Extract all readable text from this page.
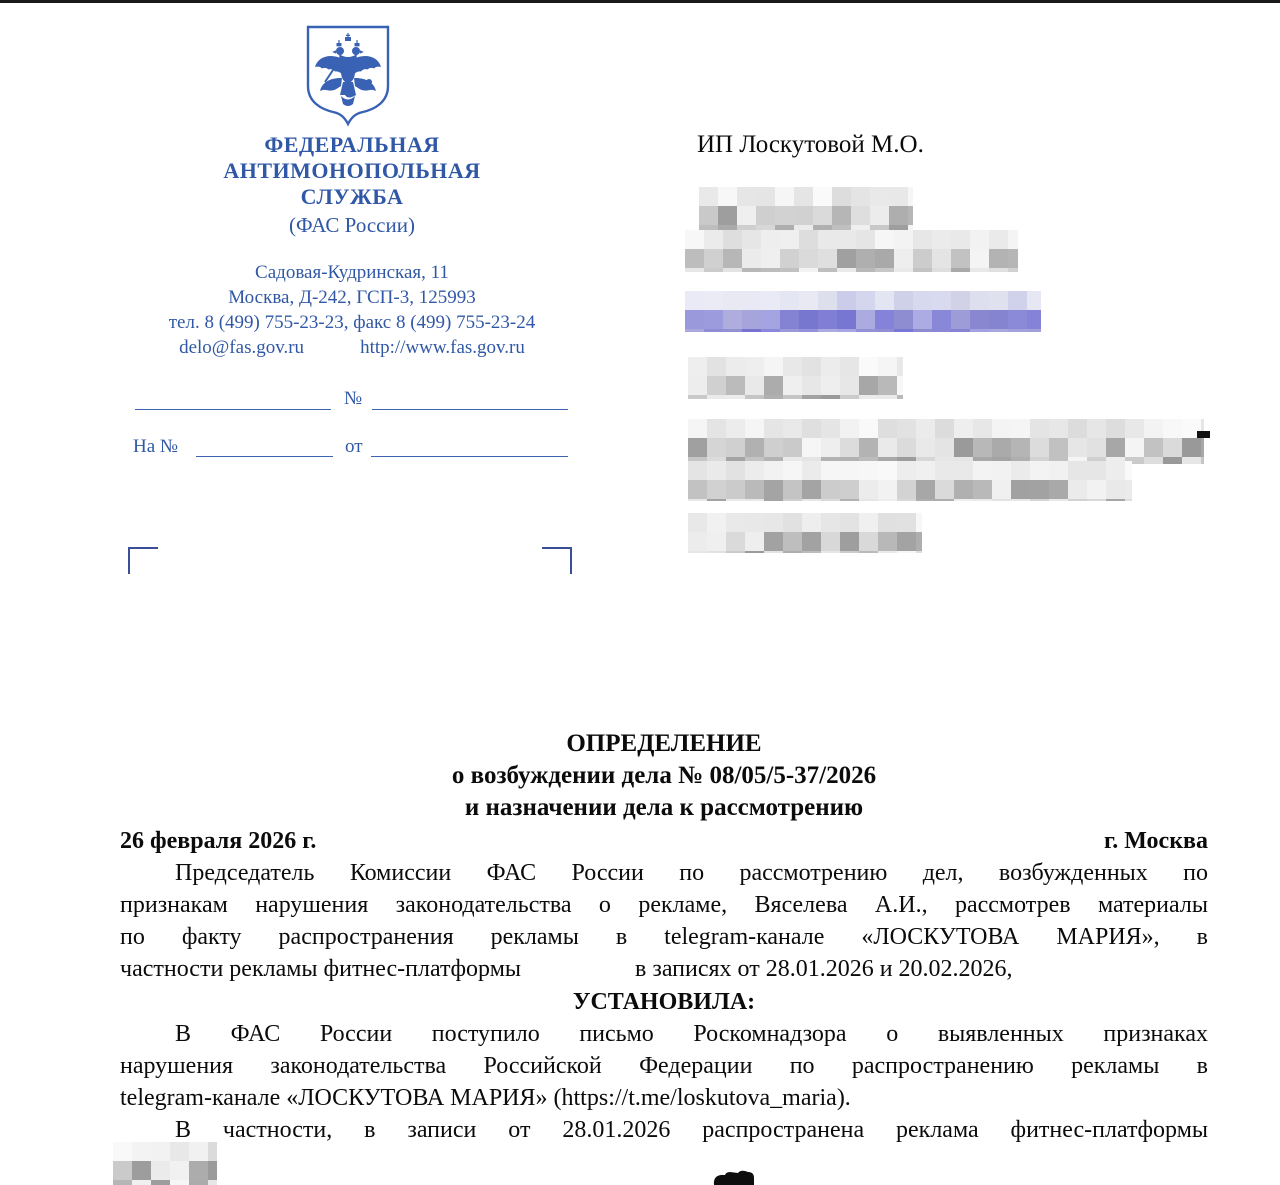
ФЕДЕРАЛЬНАЯ
АНТИМОНОПОЛЬНАЯ
СЛУЖБА
(ФАС России)
Садовая-Кудринская, 11
Москва, Д-242, ГСП-3, 125993
тел. 8 (499) 755-23-23, факс 8 (499) 755-23-24
delo@fas.gov.ru	http://www.fas.gov.ru
№
На №	от
ИП Лоскутовой М.О.
ОПРЕДЕЛЕНИЕ
о возбуждении дела № 08/05/5-37/2026
и назначении дела к рассмотрению
26 февраля 2026 г.	г. Москва
Председатель Комиссии ФАС России по рассмотрению дел, возбужденных по
признакам нарушения законодательства о рекламе, Вяселева А.И., рассмотрев материалы
по факту распространения рекламы в telegram-канале «ЛОСКУТОВА МАРИЯ», в
частности рекламы фитнес-платформы	в записях от 28.01.2026 и 20.02.2026,
УСТАНОВИЛА:
В ФАС России поступило письмо Роскомнадзора о выявленных признаках
нарушения законодательства Российской Федерации по распространению рекламы в
telegram-канале «ЛОСКУТОВА МАРИЯ» (https://t.me/loskutova_maria).
В частности, в записи от 28.01.2026 распространена реклама фитнес-платформы
